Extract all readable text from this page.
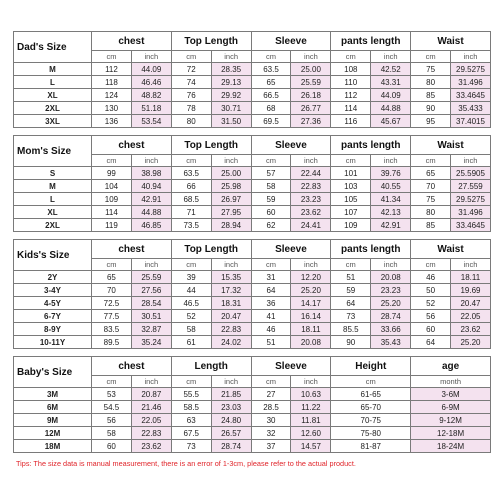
Dad's Size	chest		Top Length		Sleeve		pants length		Waist	
	cm	inch	cm	inch	cm	inch	cm	inch	cm	inch
M	112	44.09	72	28.35	63.5	25.00	108	42.52	75	29.5275
L	118	46.46	74	29.13	65	25.59	110	43.31	80	31.496
XL	124	48.82	76	29.92	66.5	26.18	112	44.09	85	33.4645
2XL	130	51.18	78	30.71	68	26.77	114	44.88	90	35.433
3XL	136	53.54	80	31.50	69.5	27.36	116	45.67	95	37.4015
Mom's Size	chest		Top Length		Sleeve		pants length		Waist	
	cm	inch	cm	inch	cm	inch	cm	inch	cm	inch
S	99	38.98	63.5	25.00	57	22.44	101	39.76	65	25.5905
M	104	40.94	66	25.98	58	22.83	103	40.55	70	27.559
L	109	42.91	68.5	26.97	59	23.23	105	41.34	75	29.5275
XL	114	44.88	71	27.95	60	23.62	107	42.13	80	31.496
2XL	119	46.85	73.5	28.94	62	24.41	109	42.91	85	33.4645
Kids's Size	chest		Top Length		Sleeve		pants length		Waist	
	cm	inch	cm	inch	cm	inch	cm	inch	cm	inch
2Y	65	25.59	39	15.35	31	12.20	51	20.08	46	18.11
3-4Y	70	27.56	44	17.32	64	25.20	59	23.23	50	19.69
4-5Y	72.5	28.54	46.5	18.31	36	14.17	64	25.20	52	20.47
6-7Y	77.5	30.51	52	20.47	41	16.14	73	28.74	56	22.05
8-9Y	83.5	32.87	58	22.83	46	18.11	85.5	33.66	60	23.62
10-11Y	89.5	35.24	61	24.02	51	20.08	90	35.43	64	25.20
Baby's Size	chest		Length		Sleeve		Height	age
	cm	inch	cm	inch	cm	inch	cm	month
3M	53	20.87	55.5	21.85	27	10.63	61-65	3-6M
6M	54.5	21.46	58.5	23.03	28.5	11.22	65-70	6-9M
9M	56	22.05	63	24.80	30	11.81	70-75	9-12M
12M	58	22.83	67.5	26.57	32	12.60	75-80	12-18M
18M	60	23.62	73	28.74	37	14.57	81-87	18-24M
Tips: The size data is manual measurement, there is an error of 1-3cm, please refer to the actual product.
